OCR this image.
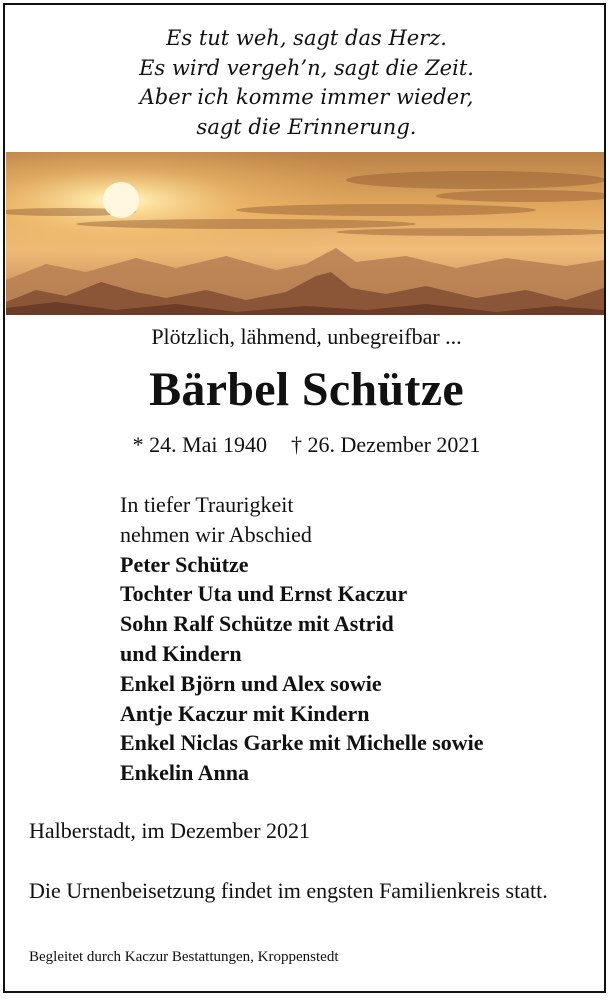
Es tut weh, sagt das Herz.
Es wird vergeh’n, sagt die Zeit.
Aber ich komme immer wieder,
sagt die Erinnerung.
Plötzlich, lähmend, unbegreifbar ...
Bärbel Schütze
* 24. Mai 1940 † 26. Dezember 2021
In tiefer Traurigkeit
nehmen wir Abschied
Peter Schütze
Tochter Uta und Ernst Kaczur
Sohn Ralf Schütze mit Astrid
und Kindern
Enkel Björn und Alex sowie
Antje Kaczur mit Kindern
Enkel Niclas Garke mit Michelle sowie
Enkelin Anna
Halberstadt, im Dezember 2021
Die Urnenbeisetzung findet im engsten Familienkreis statt.
Begleitet durch Kaczur Bestattungen, Kroppenstedt
